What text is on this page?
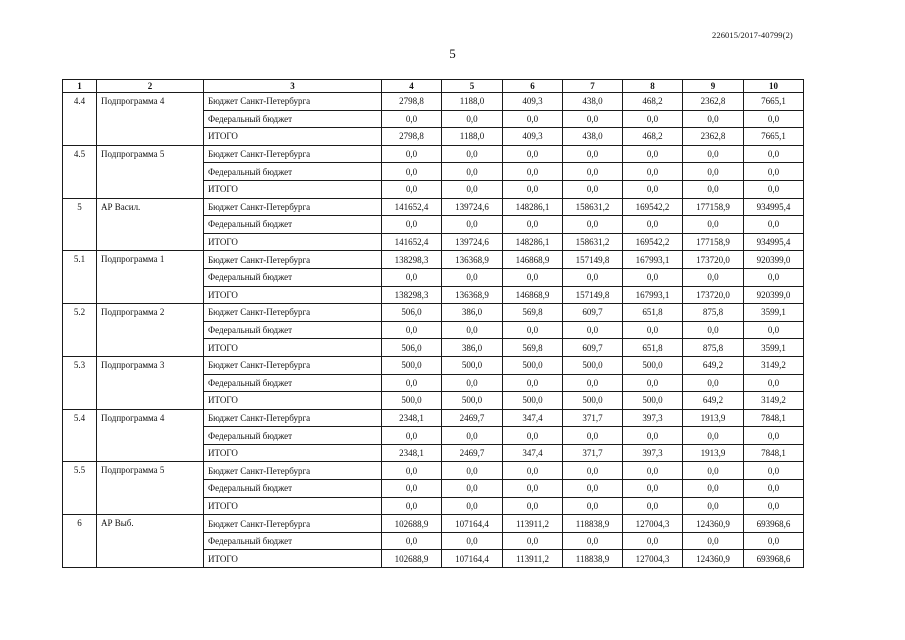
226015/2017-40799(2)
5
1	2	3	4	5	6	7	8	9	10
4.4	Подпрограмма 4	Бюджет Санкт-Петербурга	2798,8	1188,0	409,3	438,0	468,2	2362,8	7665,1
		Федеральный бюджет	0,0	0,0	0,0	0,0	0,0	0,0	0,0
		ИТОГО	2798,8	1188,0	409,3	438,0	468,2	2362,8	7665,1
4.5	Подпрограмма 5	Бюджет Санкт-Петербурга	0,0	0,0	0,0	0,0	0,0	0,0	0,0
		Федеральный бюджет	0,0	0,0	0,0	0,0	0,0	0,0	0,0
		ИТОГО	0,0	0,0	0,0	0,0	0,0	0,0	0,0
5	АР Васил.	Бюджет Санкт-Петербурга	141652,4	139724,6	148286,1	158631,2	169542,2	177158,9	934995,4
		Федеральный бюджет	0,0	0,0	0,0	0,0	0,0	0,0	0,0
		ИТОГО	141652,4	139724,6	148286,1	158631,2	169542,2	177158,9	934995,4
5.1	Подпрограмма 1	Бюджет Санкт-Петербурга	138298,3	136368,9	146868,9	157149,8	167993,1	173720,0	920399,0
		Федеральный бюджет	0,0	0,0	0,0	0,0	0,0	0,0	0,0
		ИТОГО	138298,3	136368,9	146868,9	157149,8	167993,1	173720,0	920399,0
5.2	Подпрограмма 2	Бюджет Санкт-Петербурга	506,0	386,0	569,8	609,7	651,8	875,8	3599,1
		Федеральный бюджет	0,0	0,0	0,0	0,0	0,0	0,0	0,0
		ИТОГО	506,0	386,0	569,8	609,7	651,8	875,8	3599,1
5.3	Подпрограмма 3	Бюджет Санкт-Петербурга	500,0	500,0	500,0	500,0	500,0	649,2	3149,2
		Федеральный бюджет	0,0	0,0	0,0	0,0	0,0	0,0	0,0
		ИТОГО	500,0	500,0	500,0	500,0	500,0	649,2	3149,2
5.4	Подпрограмма 4	Бюджет Санкт-Петербурга	2348,1	2469,7	347,4	371,7	397,3	1913,9	7848,1
		Федеральный бюджет	0,0	0,0	0,0	0,0	0,0	0,0	0,0
		ИТОГО	2348,1	2469,7	347,4	371,7	397,3	1913,9	7848,1
5.5	Подпрограмма 5	Бюджет Санкт-Петербурга	0,0	0,0	0,0	0,0	0,0	0,0	0,0
		Федеральный бюджет	0,0	0,0	0,0	0,0	0,0	0,0	0,0
		ИТОГО	0,0	0,0	0,0	0,0	0,0	0,0	0,0
6	АР Выб.	Бюджет Санкт-Петербурга	102688,9	107164,4	113911,2	118838,9	127004,3	124360,9	693968,6
		Федеральный бюджет	0,0	0,0	0,0	0,0	0,0	0,0	0,0
		ИТОГО	102688,9	107164,4	113911,2	118838,9	127004,3	124360,9	693968,6
